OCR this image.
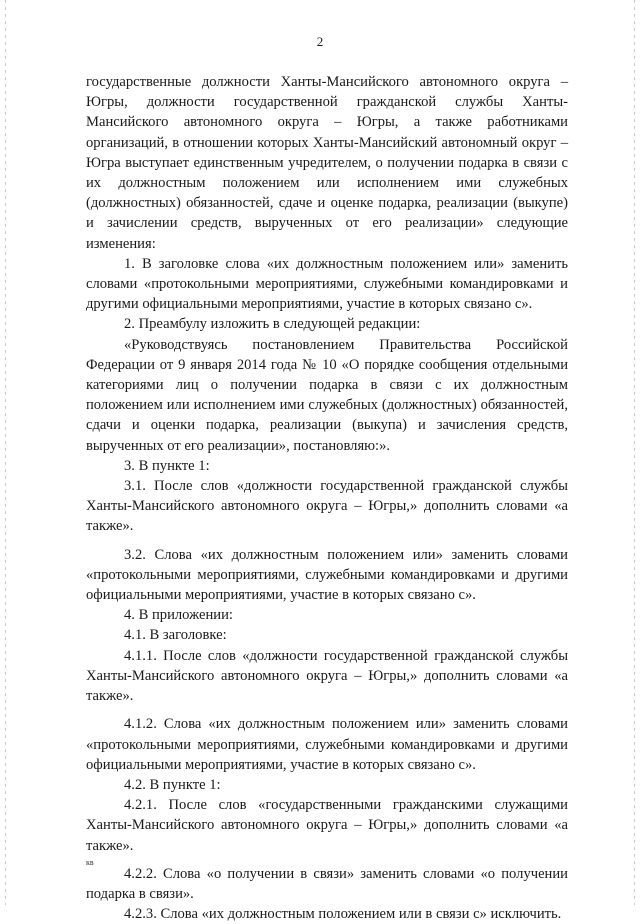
2

государственные должности Ханты-Мансийского автономного округа – Югры, должности государственной гражданской службы Ханты-Мансийского автономного округа – Югры, а также работниками организаций, в отношении которых Ханты-Мансийский автономный округ – Югра выступает единственным учредителем, о получении подарка в связи с их должностным положением или исполнением ими служебных (должностных) обязанностей, сдаче и оценке подарка, реализации (выкупе) и зачислении средств, вырученных от его реализации» следующие изменения:

1. В заголовке слова «их должностным положением или» заменить словами «протокольными мероприятиями, служебными командировками и другими официальными мероприятиями, участие в которых связано с».

2. Преамбулу изложить в следующей редакции:

«Руководствуясь постановлением Правительства Российской Федерации от 9 января 2014 года № 10 «О порядке сообщения отдельными категориями лиц о получении подарка в связи с их должностным положением или исполнением ими служебных (должностных) обязанностей, сдачи и оценки подарка, реализации (выкупа) и зачисления средств, вырученных от его реализации», постановляю:».

3. В пункте 1:

3.1. После слов «должности государственной гражданской службы Ханты-Мансийского автономного округа – Югры,» дополнить словами «а также».

3.2. Слова «их должностным положением или» заменить словами «протокольными мероприятиями, служебными командировками и другими официальными мероприятиями, участие в которых связано с».

4. В приложении:

4.1. В заголовке:

4.1.1. После слов «должности государственной гражданской службы Ханты-Мансийского автономного округа – Югры,» дополнить словами «а также».

4.1.2. Слова «их должностным положением или» заменить словами «протокольными мероприятиями, служебными командировками и другими официальными мероприятиями, участие в которых связано с».

4.2. В пункте 1:

4.2.1. После слов «государственными гражданскими служащими Ханты-Мансийского автономного округа – Югры,» дополнить словами «а также».

4.2.2. Слова «о получении в связи» заменить словами «о получении подарка в связи».

4.2.3. Слова «их должностным положением или в связи с» исключить.

кв
